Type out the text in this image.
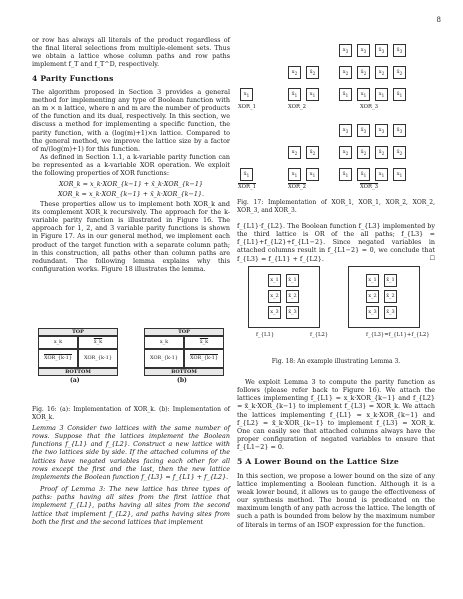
8

or row has always all literals of the product regardless of the final literal selections from multiple-element sets. Thus we obtain a lattice whose column paths and row paths implement f_T and f_T^D, respectively.

4 Parity Functions

The algorithm proposed in Section 3 provides a general method for implementing any type of Boolean function with an m × n lattice, where n and m are the number of products of the function and its dual, respectively. In this section, we discuss a method for implementing a specific function, the parity function, with a (log(m)+1)×n lattice. Compared to the general method, we improve the lattice size by a factor of m/(log(m)+1) for this function.

As defined in Section 1.1, a k-variable parity function can be represented as a k-variable XOR operation. We exploit the following properties of XOR functions:

XOR_k = x_k·XOR_{k−1} + x̄_k·XOR_{k−1}

XOR_k = x_k·XOR_{k−1} + x̄_k·XOR_{k−1}.

These properties allow us to implement both XOR_k and its complement XOR_k recursively. The approach for the k-variable parity function is illustrated in Figure 16. The approach for 1, 2, and 3 variable parity functions is shown in Figure 17. As in our general method, we implement each product of the target function with a separate column path; in this construction, all paths other than column paths are redundant. The following lemma explains why this configuration works. Figure 18 illustrates the lemma.

TOP
x_k	x̄_k
XOR_{k-1}	XOR_{k-1}
BOTTOM
(a)
TOP
x_k	x̄_k
XOR_{k-1}	XOR_{k-1}
BOTTOM
(b)
Fig. 16: (a): Implementation of XOR_k. (b): Implementation of XOR_k.

Lemma 3 Consider two lattices with the same number of rows. Suppose that the lattices implement the Boolean functions f_{L1} and f_{L2}. Construct a new lattice with the two lattices side by side. If the attached columns of the lattices have negated variables facing each other for all rows except the first and the last, then the new lattice implements the Boolean function f_{L3} = f_{L1} + f_{L2}.

Proof of Lemma 3: The new lattice has three types of paths: paths having all sites from the first lattice that implement f_{L1}, paths having all sites from the second lattice that implement f_{L2}, and paths having sites from both the first and the second lattices that implement

$x_3$	$x_3$	$x̄_3$	$x̄_3$
$x_2$	$x̄_2$	$x_2$	$x̄_2$	$x_2$	$x̄_2$
$x_1$	$x̄_1$	$x_1$	$x̄_1$	$x_1$	$x_1$	$x̄_1$
XOR_1	XOR_2	XOR_3
$x_3$	$x̄_3$	$x_3$	$x̄_3$
$x_2$	$x̄_2$	$x_2$	$x̄_2$	$x̄_2$	$x̄_2$
$x̄_1$	$x_1$	$x_1$	$x̄_1$	$x̄_1$	$x_1$	$x_1$
XOR_1	XOR_2	XOR_3
Fig. 17: Implementation of XOR_1, XOR_1, XOR_2, XOR_2, XOR_3, and XOR_3.

f_{L1}·f_{L2}. The Boolean function f_{L3} implemented by the third lattice is OR of the all paths; f_{L3} = f_{L1}+f_{L2}+f_{L1−2}. Since negated variables in attached columns result in f_{L1−2} = 0, we conclude that f_{L3} = f_{L1} + f_{L2}.	☐

x_1	x̄_1
x_2	x̄_2
x_3	x̄_3
x_1	x̄_1
x_2	x̄_2
x_3	x̄_3
f_{L1}	f_{L2}	f_{L3}=f_{L1}+f_{L2}
Fig. 18: An example illustrating Lemma 3.

We exploit Lemma 3 to compute the parity function as follows (please refer back to Figure 16). We attach the lattices implementing f_{L1} = x_k·XOR_{k−1} and f_{L2} = x̄_k·XOR_{k−1} to implement f_{L3} = XOR_k. We attach the lattices implementing f_{L1} = x_k·XOR_{k−1} and f_{L2} = x̄_k·XOR_{k−1} to implement f_{L3} = XOR_k. One can easily see that attached columns always have the proper configuration of negated variables to ensure that f_{L1−2} = 0.

5 A Lower Bound on the Lattice Size

In this section, we propose a lower bound on the size of any lattice implementing a Boolean function. Although it is a weak lower bound, it allows us to gauge the effectiveness of our synthesis method. The bound is predicated on the maximum length of any path across the lattice. The length of such a path is bounded from below by the maximum number of literals in terms of an ISOP expression for the function.
